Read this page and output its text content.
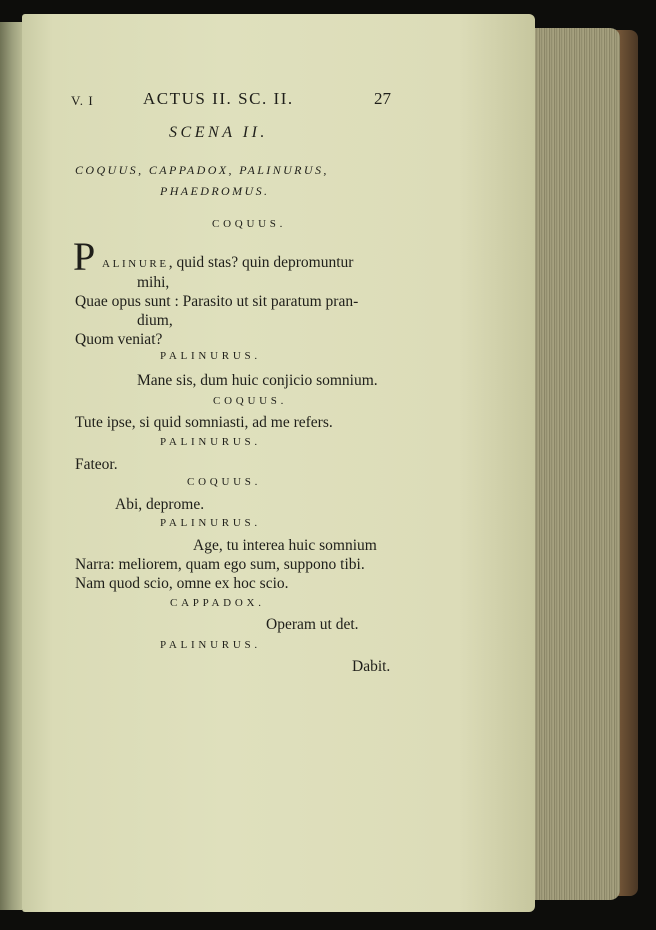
V. I	ACTUS II. SC. II.	27
SCENA II.
COQUUS, CAPPADOX, PALINURUS,
PHAEDROMUS.
COQUUS.
P ALINURE, quid stas? quin depromuntur
mihi,
Quae opus sunt : Parasito ut sit paratum pran-
dium,
Quom veniat?
PALINURUS.
Mane sis, dum huic conjicio somnium.
COQUUS.
Tute ipse, si quid somniasti, ad me refers.
PALINURUS.
Fateor.
COQUUS.
Abi, deprome.
PALINURUS.
Age, tu interea huic somnium
Narra: meliorem, quam ego sum, suppono tibi.
Nam quod scio, omne ex hoc scio.
CAPPADOX.
Operam ut det.
PALINURUS.
Dabit.
